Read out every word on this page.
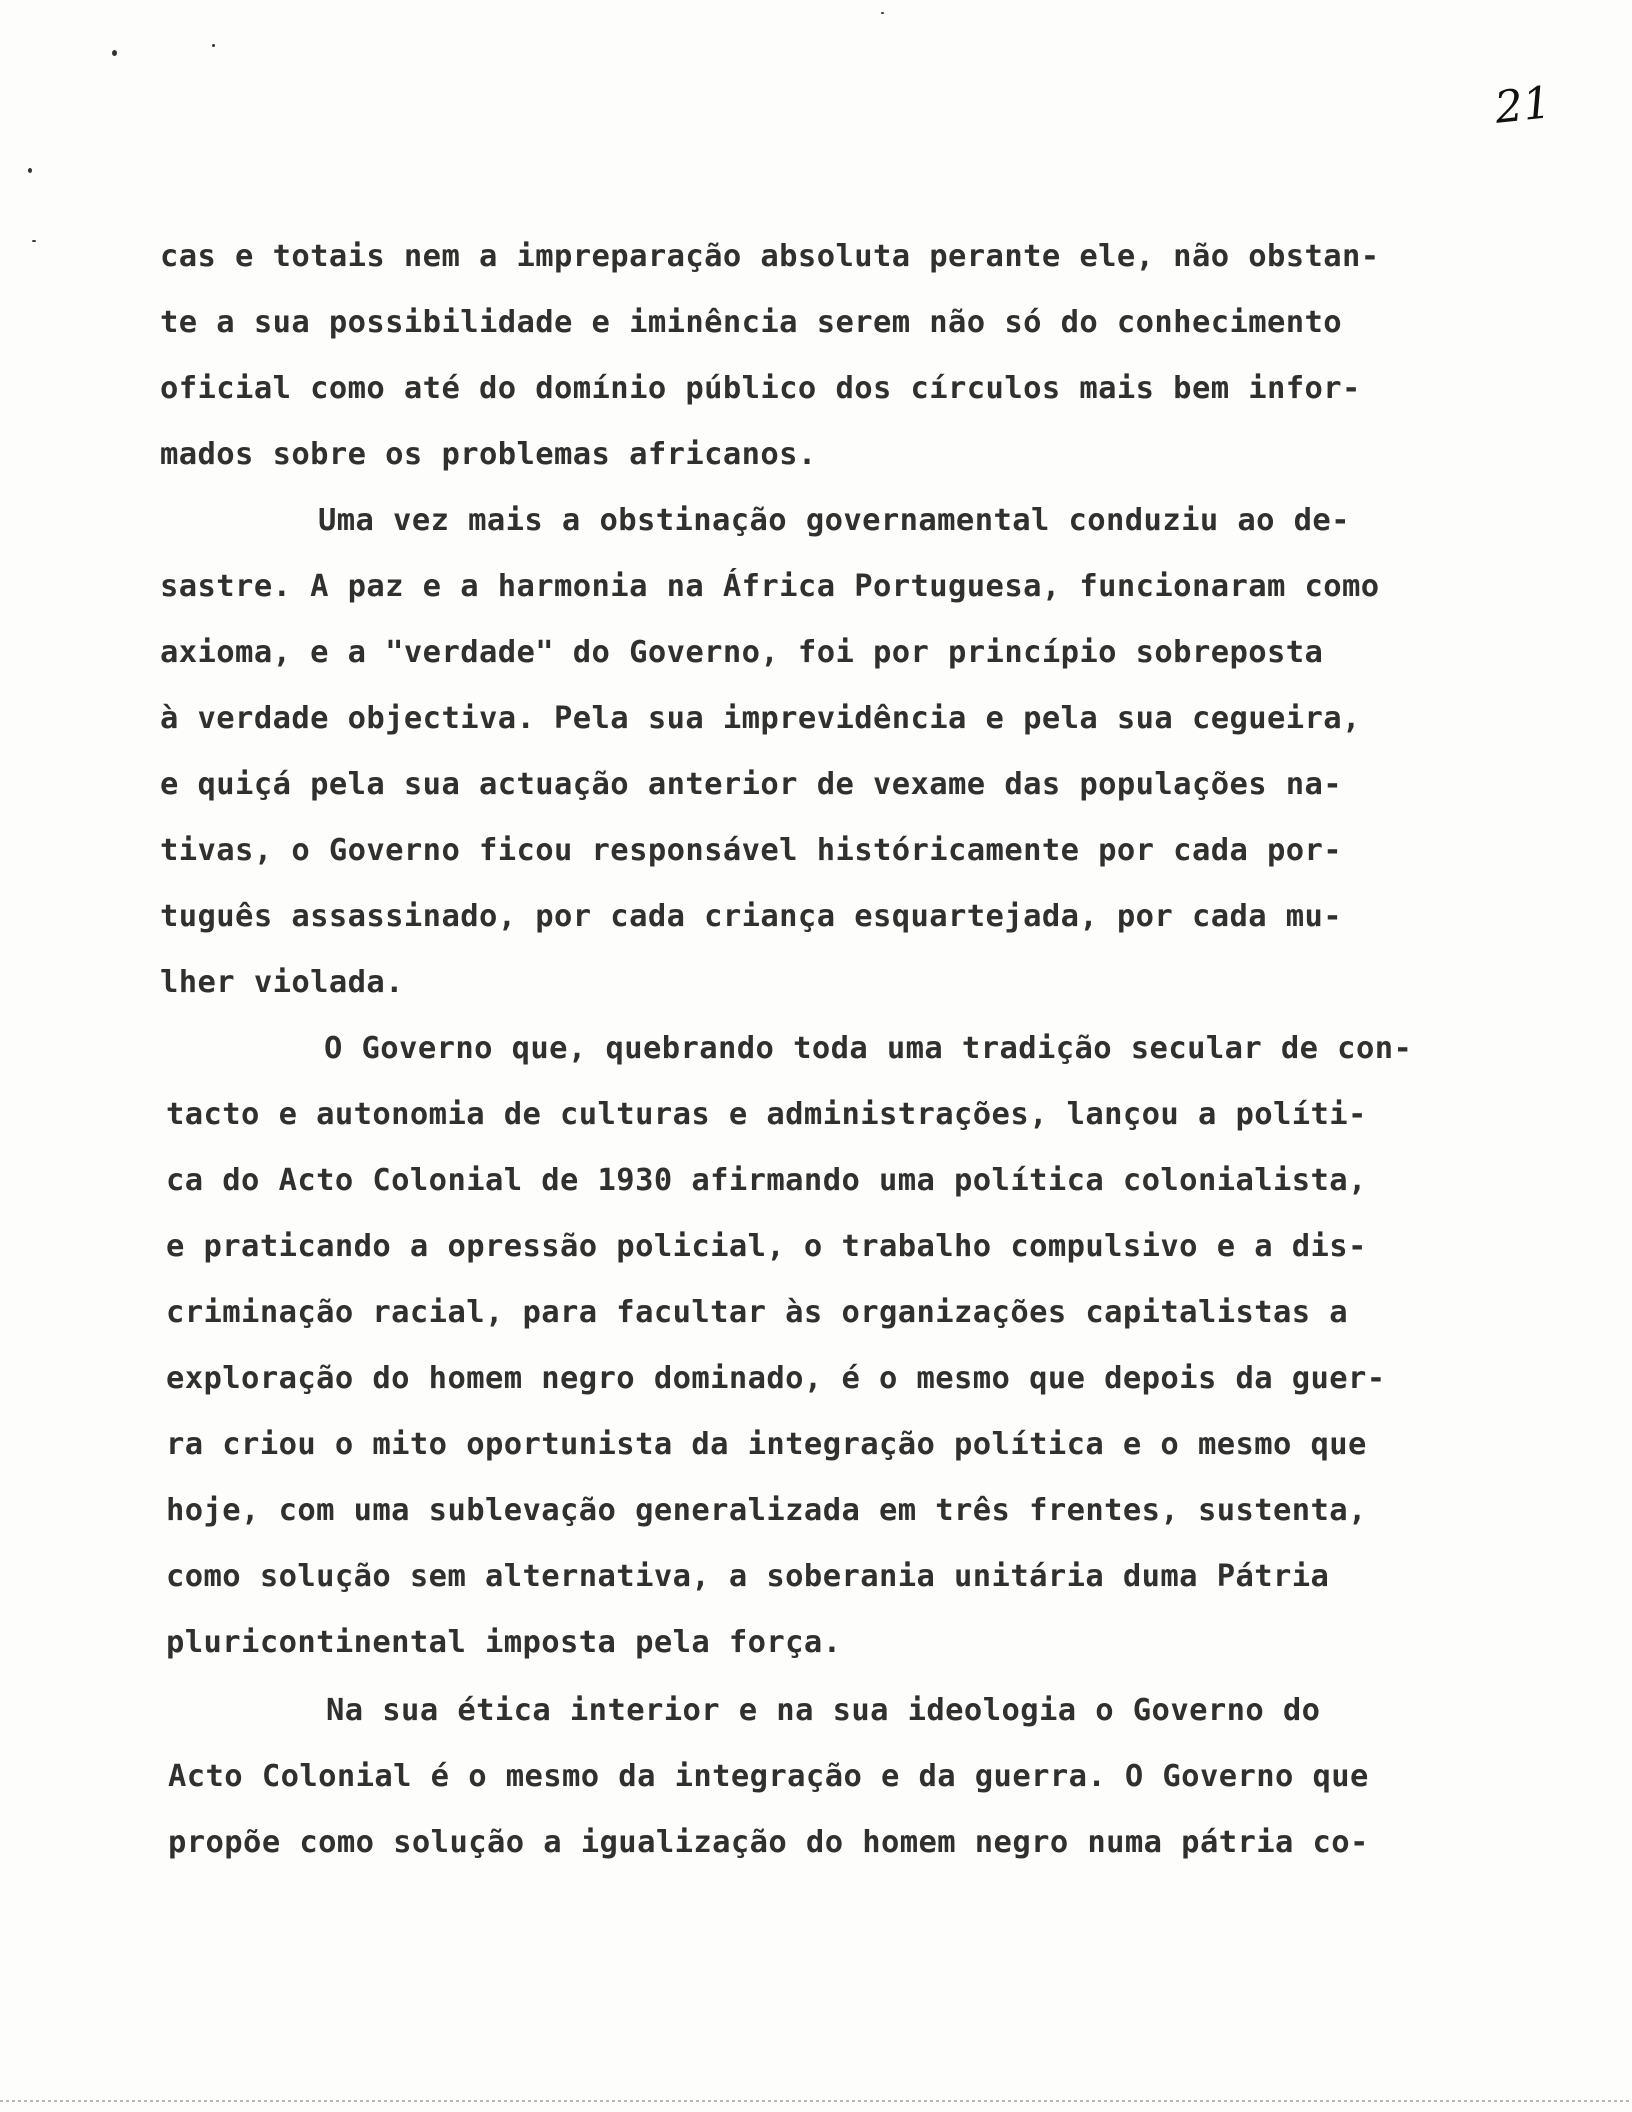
21

cas e totais nem a impreparação absoluta perante ele, não obstan-

te a sua possibilidade e iminência serem não só do conhecimento

oficial como até do domínio público dos círculos mais bem infor-

mados sobre os problemas africanos.

Uma vez mais a obstinação governamental conduziu ao de-

sastre. A paz e a harmonia na África Portuguesa, funcionaram como

axioma, e a "verdade" do Governo, foi por princípio sobreposta

à verdade objectiva. Pela sua imprevidência e pela sua cegueira,

e quiçá pela sua actuação anterior de vexame das populações na-

tivas, o Governo ficou responsável históricamente por cada por-

tuguês assassinado, por cada criança esquartejada, por cada mu-

lher violada.

O Governo que, quebrando toda uma tradição secular de con-

tacto e autonomia de culturas e administrações, lançou a políti-

ca do Acto Colonial de 1930 afirmando uma política colonialista,

e praticando a opressão policial, o trabalho compulsivo e a dis-

criminação racial, para facultar às organizações capitalistas a

exploração do homem negro dominado, é o mesmo que depois da guer-

ra criou o mito oportunista da integração política e o mesmo que

hoje, com uma sublevação generalizada em três frentes, sustenta,

como solução sem alternativa, a soberania unitária duma Pátria

pluricontinental imposta pela força.

Na sua ética interior e na sua ideologia o Governo do

Acto Colonial é o mesmo da integração e da guerra. O Governo que

propõe como solução a igualização do homem negro numa pátria co-
